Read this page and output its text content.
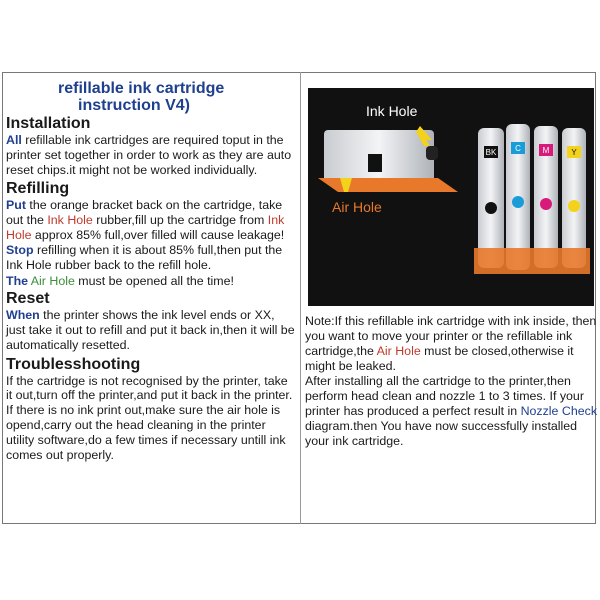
refillable ink cartridge
instruction V4)
Installation
All refillable ink cartridges are required toput in the printer set together in order to work as they are auto reset chips.it might not be worked individually.
Refilling
Put the orange bracket back on the cartridge, take out the Ink Hole rubber,fill up the cartridge from Ink Hole approx 85% full,over filled will cause leakage!
Stop refilling when it is about 85% full,then put the Ink Hole rubber back to the refill hole.
The Air Hole must be opened all the time!
Reset
When the printer shows the ink level ends or XX, just take it out to refill and put it back in,then it will be automatically resetted.
Troublesshooting
If the cartridge is not recognised by the printer, take it out,turn off the printer,and put it back in the printer.
If there is no ink print out,make sure the air hole is opend,carry out the head cleaning in the printer utility software,do a few times if necessary untill ink comes out properly.
BK C	M	Y
Ink Hole
Air Hole
Note:If this refillable ink cartridge with ink inside, then you want to move your printer or the refillable ink cartridge,the Air Hole must be closed,otherwise it might be leaked.
After installing all the cartridge to the printer,then perform head clean and nozzle 1 to 3 times. If your printer has produced a perfect result in Nozzle Check diagram.then You have now successfully installed your ink cartridge.
